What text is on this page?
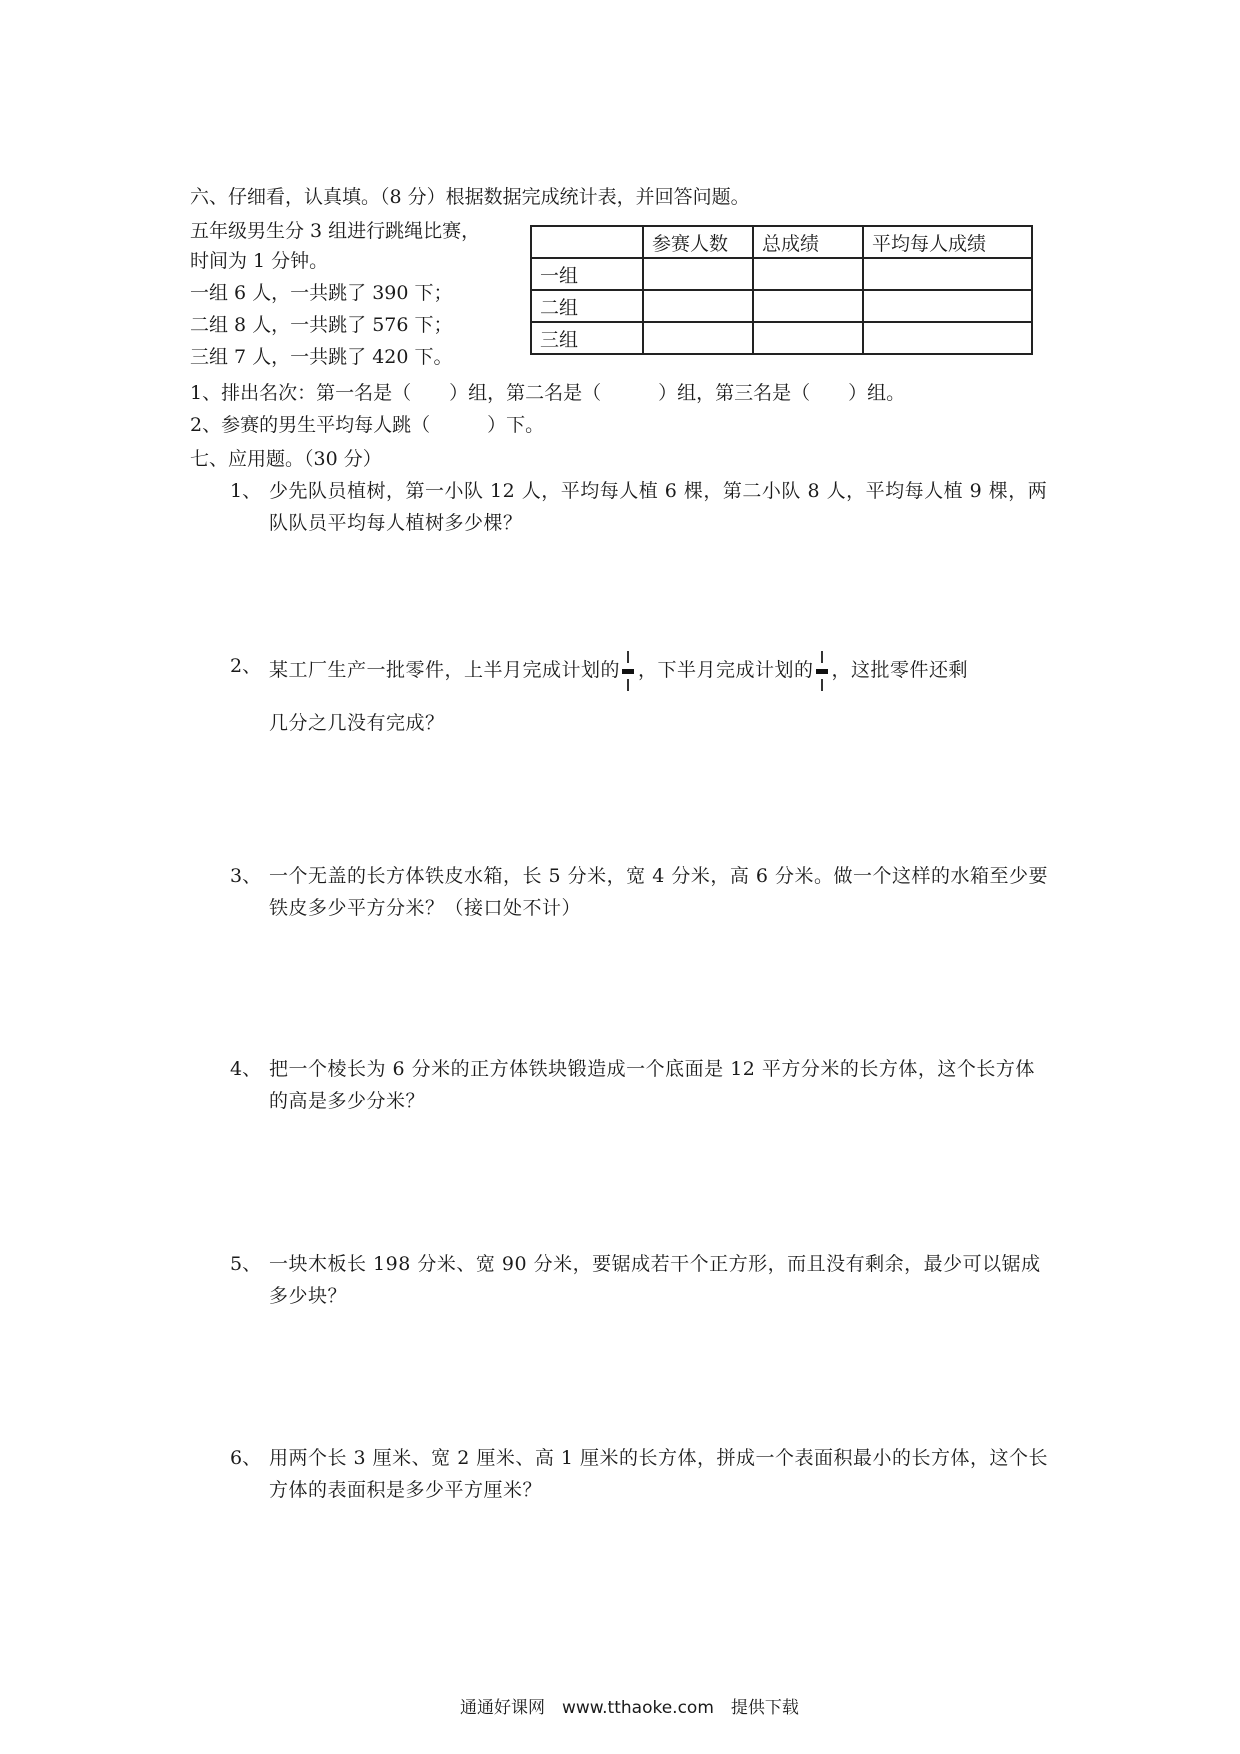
六、仔细看，认真填。（8 分）根据数据完成统计表，并回答问题。
五年级男生分 3 组进行跳绳比赛，
时间为 1 分钟。
一组 6 人，一共跳了 390 下；
二组 8 人，一共跳了 576 下；
三组 7 人，一共跳了 420 下。
	参赛人数	总成绩	平均每人成绩
一组			
二组			
三组			
1、排出名次：第一名是（　　）组，第二名是（　　　）组，第三名是（　　）组。
2、参赛的男生平均每人跳（　　　）下。
七、应用题。（30 分）
1、 少先队员植树，第一小队 12 人，平均每人植 6 棵，第二小队 8 人，平均每人植 9 棵，两队队员平均每人植树多少棵？
2、 某工厂生产一批零件，上半月完成计划的 ，下半月完成计划的 ，这批零件还剩
几分之几没有完成？
3、 一个无盖的长方体铁皮水箱，长 5 分米，宽 4 分米，高 6 分米。做一个这样的水箱至少要铁皮多少平方分米？（接口处不计）
4、 把一个棱长为 6 分米的正方体铁块锻造成一个底面是 12 平方分米的长方体，这个长方体的高是多少分米？
5、 一块木板长 198 分米、宽 90 分米，要锯成若干个正方形，而且没有剩余，最少可以锯成多少块？
6、 用两个长 3 厘米、宽 2 厘米、高 1 厘米的长方体，拼成一个表面积最小的长方体，这个长方体的表面积是多少平方厘米？
通通好课网　www.tthaoke.com　提供下载
